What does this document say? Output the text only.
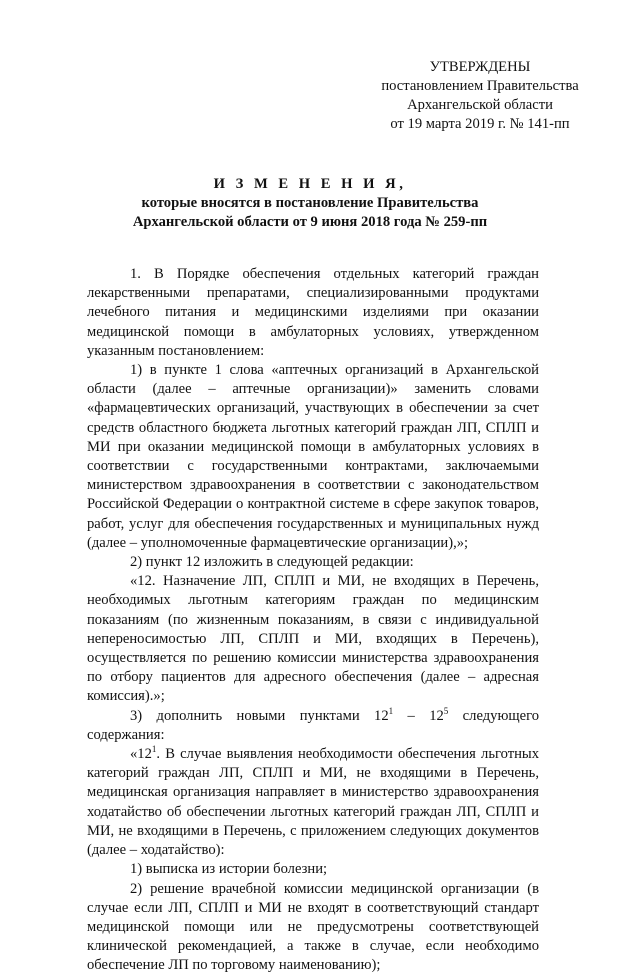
УТВЕРЖДЕНЫ
постановлением Правительства
Архангельской области
от 19 марта 2019 г. № 141-пп
И З М Е Н Е Н И Я,
которые вносятся в постановление Правительства
Архангельской области от 9 июня 2018 года № 259-пп

1. В Порядке обеспечения отдельных категорий граждан лекарственными препаратами, специализированными продуктами лечебного питания и медицинскими изделиями при оказании медицинской помощи в амбулаторных условиях, утвержденном указанным постановлением:

1) в пункте 1 слова «аптечных организаций в Архангельской области (далее – аптечные организации)» заменить словами «фармацевтических организаций, участвующих в обеспечении за счет средств областного бюджета льготных категорий граждан ЛП, СПЛП и МИ при оказании медицинской помощи в амбулаторных условиях в соответствии с государственными контрактами, заключаемыми министерством здравоохранения в соответствии с законодательством Российской Федерации о контрактной системе в сфере закупок товаров, работ, услуг для обеспечения государственных и муниципальных нужд (далее – уполномоченные фармацевтические организации),»;

2) пункт 12 изложить в следующей редакции:

«12. Назначение ЛП, СПЛП и МИ, не входящих в Перечень, необходимых льготным категориям граждан по медицинским показаниям (по жизненным показаниям, в связи с индивидуальной непереносимостью ЛП, СПЛП и МИ, входящих в Перечень), осуществляется по решению комиссии министерства здравоохранения по отбору пациентов для адресного обеспечения (далее – адресная комиссия).»;

3) дополнить новыми пунктами $12^1 - 12^5$ следующего содержания:

«$12^1$. В случае выявления необходимости обеспечения льготных категорий граждан ЛП, СПЛП и МИ, не входящими в Перечень, медицинская организация направляет в министерство здравоохранения ходатайство об обеспечении льготных категорий граждан ЛП, СПЛП и МИ, не входящими в Перечень, с приложением следующих документов (далее – ходатайство):

1) выписка из истории болезни;

2) решение врачебной комиссии медицинской организации (в случае если ЛП, СПЛП и МИ не входят в соответствующий стандарт медицинской помощи или не предусмотрены соответствующей клинической рекомендацией, а также в случае, если необходимо обеспечение ЛП по торговому наименованию);
